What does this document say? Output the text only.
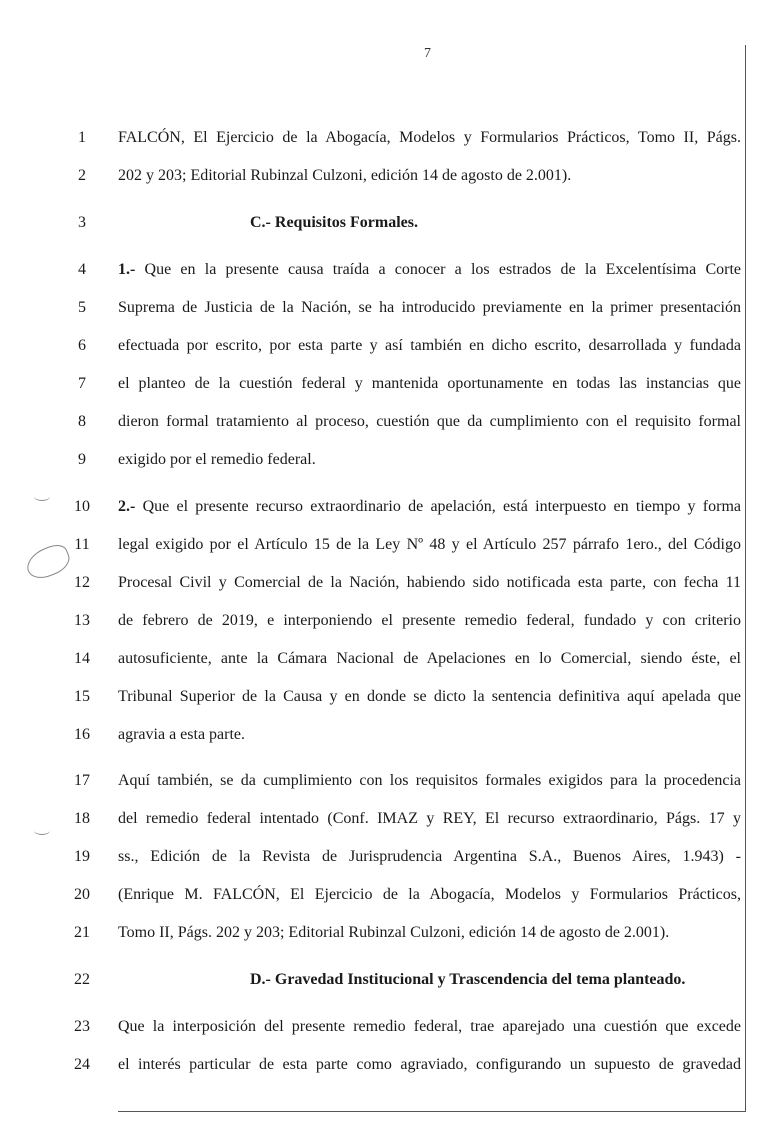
7
1	FALCÓN, El Ejercicio de la Abogacía, Modelos y Formularios Prácticos, Tomo II, Págs.
2	202 y 203; Editorial Rubinzal Culzoni, edición 14 de agosto de 2.001).
3	C.- Requisitos Formales.
4	1.- Que en la presente causa traída a conocer a los estrados de la Excelentísima Corte
5	Suprema de Justicia de la Nación, se ha introducido previamente en la primer presentación
6	efectuada por escrito, por esta parte y así también en dicho escrito, desarrollada y fundada
7	el planteo de la cuestión federal y mantenida oportunamente en todas las instancias que
8	dieron formal tratamiento al proceso, cuestión que da cumplimiento con el requisito formal
9	exigido por el remedio federal.
10 2.- Que el presente recurso extraordinario de apelación, está interpuesto en tiempo y forma
11 legal exigido por el Artículo 15 de la Ley Nº 48 y el Artículo 257 párrafo 1ero., del Código
12 Procesal Civil y Comercial de la Nación, habiendo sido notificada esta parte, con fecha 11
13 de febrero de 2019, e interponiendo el presente remedio federal, fundado y con criterio
14 autosuficiente, ante la Cámara Nacional de Apelaciones en lo Comercial, siendo éste, el
15 Tribunal Superior de la Causa y en donde se dicto la sentencia definitiva aquí apelada que
16 agravia a esta parte.
17 Aquí también, se da cumplimiento con los requisitos formales exigidos para la procedencia
18 del remedio federal intentado (Conf. IMAZ y REY, El recurso extraordinario, Págs. 17 y
19 ss., Edición de la Revista de Jurisprudencia Argentina S.A., Buenos Aires, 1.943) -
20 (Enrique M. FALCÓN, El Ejercicio de la Abogacía, Modelos y Formularios Prácticos,
21 Tomo II, Págs. 202 y 203; Editorial Rubinzal Culzoni, edición 14 de agosto de 2.001).
22	D.- Gravedad Institucional y Trascendencia del tema planteado.
23 Que la interposición del presente remedio federal, trae aparejado una cuestión que excede
24 el interés particular de esta parte como agraviado, configurando un supuesto de gravedad
